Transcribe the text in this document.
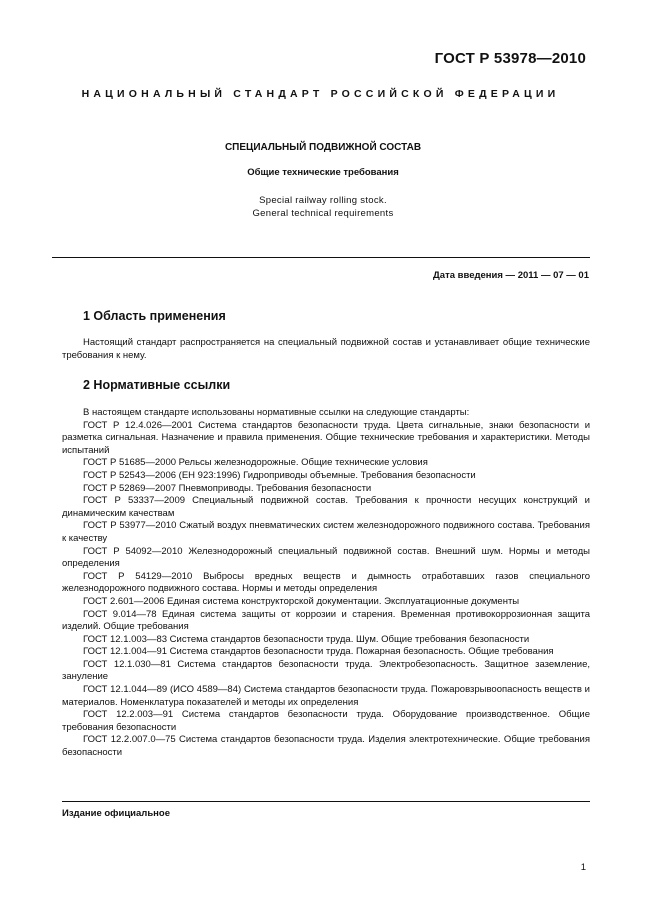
ГОСТ Р 53978—2010
НАЦИОНАЛЬНЫЙ СТАНДАРТ РОССИЙСКОЙ ФЕДЕРАЦИИ
СПЕЦИАЛЬНЫЙ ПОДВИЖНОЙ СОСТАВ
Общие технические требования
Special railway rolling stock.
General technical requirements
Дата введения — 2011 — 07 — 01
1 Область применения

Настоящий стандарт распространяется на специальный подвижной состав и устанавливает общие технические требования к нему.

2 Нормативные ссылки

В настоящем стандарте использованы нормативные ссылки на следующие стандарты:

ГОСТ Р 12.4.026—2001 Система стандартов безопасности труда. Цвета сигнальные, знаки безопасности и разметка сигнальная. Назначение и правила применения. Общие технические требования и характеристики. Методы испытаний

ГОСТ Р 51685—2000 Рельсы железнодорожные. Общие технические условия

ГОСТ Р 52543—2006 (ЕН 923:1996) Гидроприводы объемные. Требования безопасности

ГОСТ Р 52869—2007 Пневмоприводы. Требования безопасности

ГОСТ Р 53337—2009 Специальный подвижной состав. Требования к прочности несущих конструкций и динамическим качествам

ГОСТ Р 53977—2010 Сжатый воздух пневматических систем железнодорожного подвижного состава. Требования к качеству

ГОСТ Р 54092—2010 Железнодорожный специальный подвижной состав. Внешний шум. Нормы и методы определения

ГОСТ Р 54129—2010 Выбросы вредных веществ и дымность отработавших газов специального железнодорожного подвижного состава. Нормы и методы определения

ГОСТ 2.601—2006 Единая система конструкторской документации. Эксплуатационные документы

ГОСТ 9.014—78 Единая система защиты от коррозии и старения. Временная противокоррозионная защита изделий. Общие требования

ГОСТ 12.1.003—83 Система стандартов безопасности труда. Шум. Общие требования безопасности

ГОСТ 12.1.004—91 Система стандартов безопасности труда. Пожарная безопасность. Общие требования

ГОСТ 12.1.030—81 Система стандартов безопасности труда. Электробезопасность. Защитное заземление, зануление

ГОСТ 12.1.044—89 (ИСО 4589—84) Система стандартов безопасности труда. Пожаровзрывоопасность веществ и материалов. Номенклатура показателей и методы их определения

ГОСТ 12.2.003—91 Система стандартов безопасности труда. Оборудование производственное. Общие требования безопасности

ГОСТ 12.2.007.0—75 Система стандартов безопасности труда. Изделия электротехнические. Общие требования безопасности

Издание официальное
1
